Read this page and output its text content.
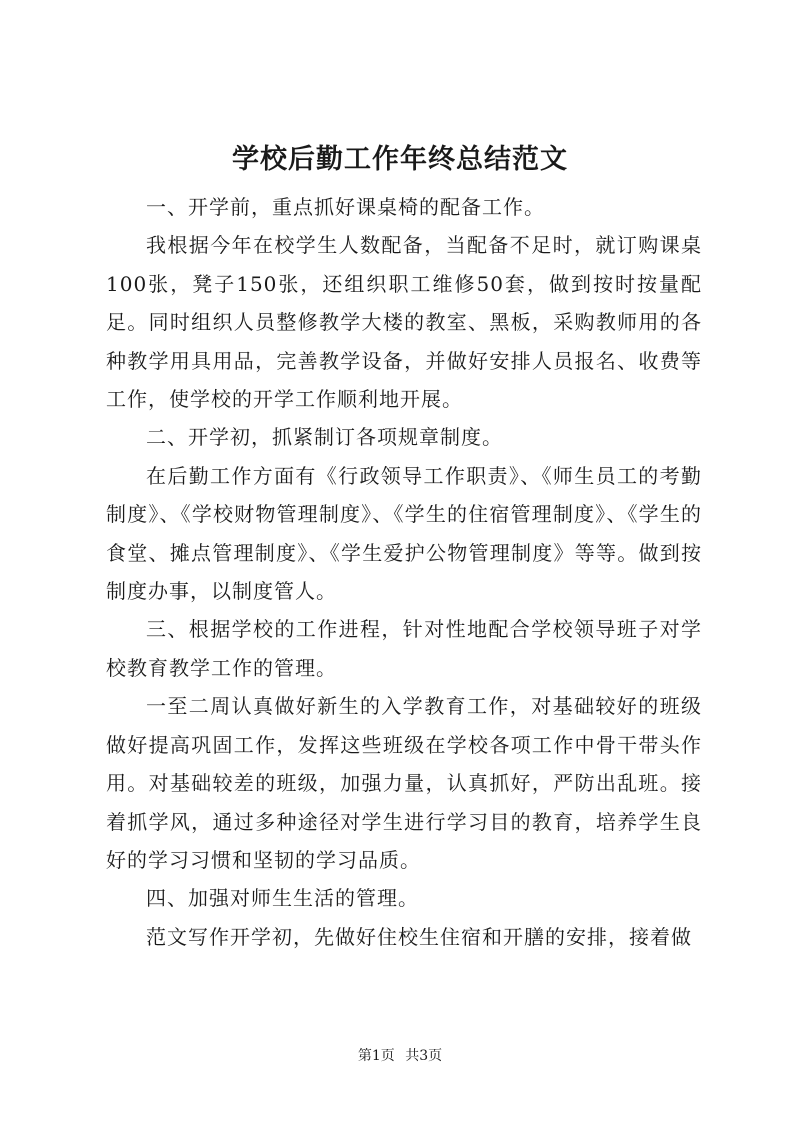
学校后勤工作年终总结范文

一、开学前，重点抓好课桌椅的配备工作。

我根据今年在校学生人数配备，当配备不足时，就订购课桌100张，凳子150张，还组织职工维修50套，做到按时按量配足。同时组织人员整修教学大楼的教室、黑板，采购教师用的各种教学用具用品，完善教学设备，并做好安排人员报名、收费等工作，使学校的开学工作顺利地开展。

二、开学初，抓紧制订各项规章制度。

在后勤工作方面有《行政领导工作职责》、《师生员工的考勤制度》、《学校财物管理制度》、《学生的住宿管理制度》、《学生的食堂、摊点管理制度》、《学生爱护公物管理制度》等等。做到按制度办事，以制度管人。

三、根据学校的工作进程，针对性地配合学校领导班子对学校教育教学工作的管理。

一至二周认真做好新生的入学教育工作，对基础较好的班级做好提高巩固工作，发挥这些班级在学校各项工作中骨干带头作用。对基础较差的班级，加强力量，认真抓好，严防出乱班。接着抓学风，通过多种途径对学生进行学习目的教育，培养学生良好的学习习惯和坚韧的学习品质。

四、加强对师生生活的管理。

范文写作开学初，先做好住校生住宿和开膳的安排，接着做

第1页 共3页
